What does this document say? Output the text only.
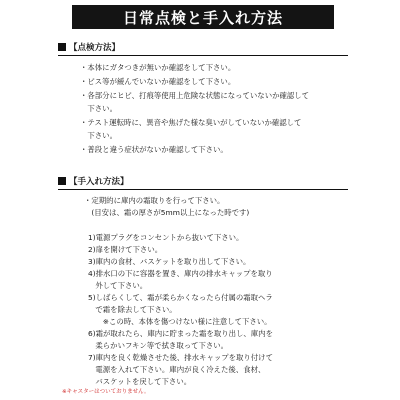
日常点検と手入れ方法
【点検方法】
・本体にガタつきが無いか確認をして下さい。
・ビス等が緩んでいないか確認をして下さい。
・各部分にヒビ、打痕等使用上危険な状態になっていないか確認して
　下さい。
・テスト運転時に、異音や焦げた様な臭いがしていないか確認して
　下さい。
・普段と違う症状がないか確認して下さい。
【手入れ方法】
・定期的に庫内の霜取りを行って下さい。
　(目安は、霜の厚さが5mm以上になった時です)
1)電源プラグをコンセントから抜いて下さい。
2)扉を開けて下さい。
3)庫内の食材、バスケットを取り出して下さい。
4)排水口の下に容器を置き、庫内の排水キャップを取り
　外して下さい。
5)しばらくして、霜が柔らかくなったら付属の霜取ヘラ
　で霜を除去して下さい。
　　※この時、本体を傷つけない様に注意して下さい。
6)霜が取れたら、庫内に貯まった霜を取り出し、庫内を
　柔らかいフキン等で拭き取って下さい。
7)庫内を良く乾燥させた後、排水キャップを取り付けて
　電源を入れて下さい。庫内が良く冷えた後、食材、
　バスケットを戻して下さい。
※キャスターはついておりません。
